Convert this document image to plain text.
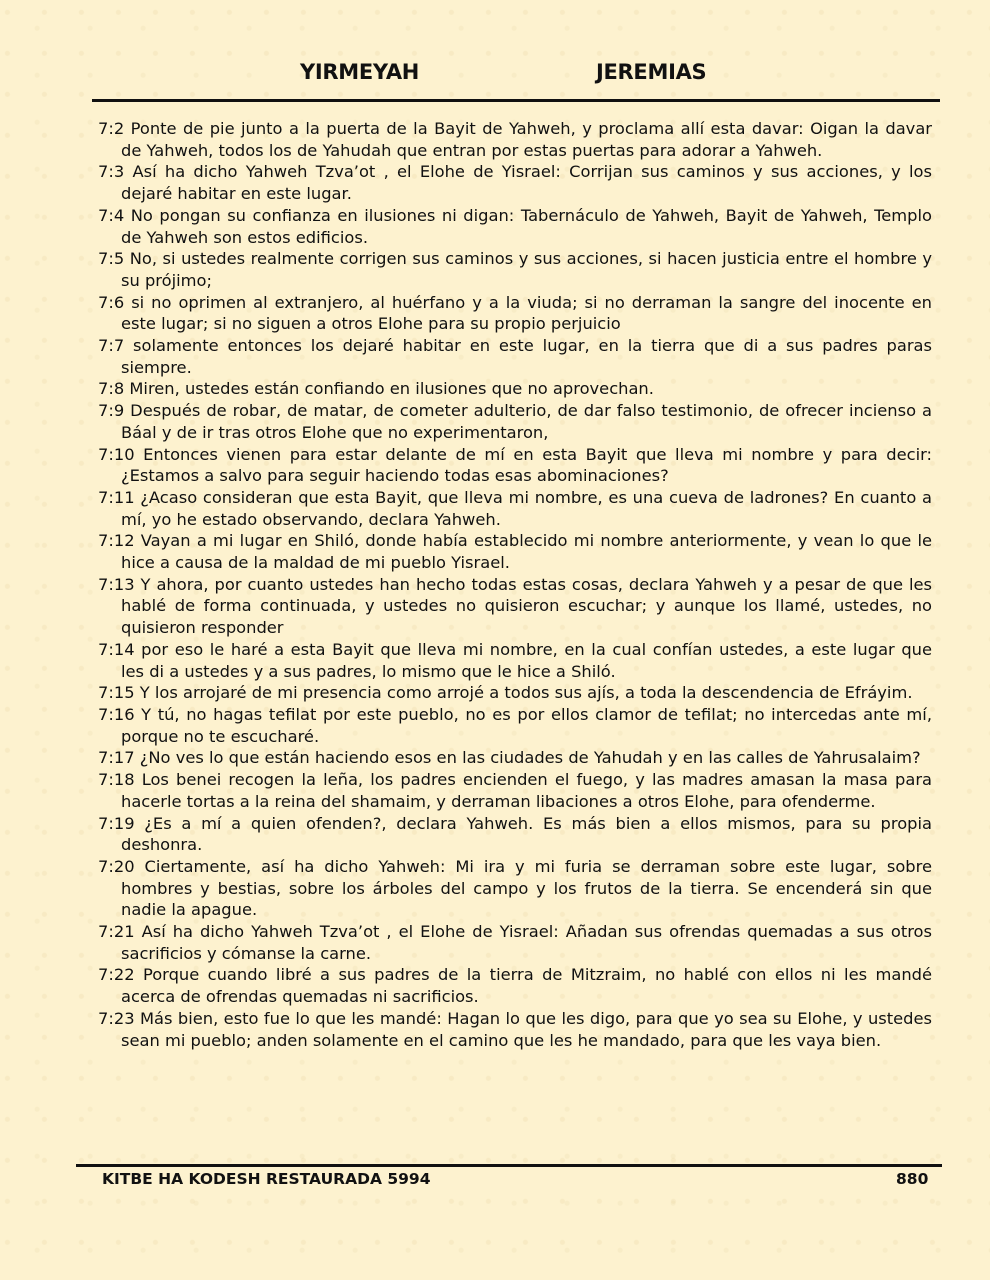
YIRMEYAH	JEREMIAS
7:2 Ponte de pie junto a la puerta de la Bayit de Yahweh, y proclama allí esta davar: Oigan la davar de Yahweh, todos los de Yahudah que entran por estas puertas para adorar a Yahweh.
7:3 Así ha dicho Yahweh Tzva’ot , el Elohe de Yisrael: Corrijan sus caminos y sus acciones, y los dejaré habitar en este lugar.
7:4 No pongan su confianza en ilusiones ni digan: Tabernáculo de Yahweh, Bayit de Yahweh, Templo de Yahweh son estos edificios.
7:5 No, si ustedes realmente corrigen sus caminos y sus acciones, si hacen justicia entre el hombre y su prójimo;
7:6 si no oprimen al extranjero, al huérfano y a la viuda; si no derraman la sangre del inocente en este lugar; si no siguen a otros Elohe para su propio perjuicio
7:7 solamente entonces los dejaré habitar en este lugar, en la tierra que di a sus padres paras siempre.
7:8 Miren, ustedes están confiando en ilusiones que no aprovechan.
7:9 Después de robar, de matar, de cometer adulterio, de dar falso testimonio, de ofrecer incienso a Báal y de ir tras otros Elohe que no experimentaron,
7:10 Entonces vienen para estar delante de mí en esta Bayit que lleva mi nombre y para decir: ¿Estamos a salvo para seguir haciendo todas esas abominaciones?
7:11 ¿Acaso consideran que esta Bayit, que lleva mi nombre, es una cueva de ladrones? En cuanto a mí, yo he estado observando, declara Yahweh.
7:12 Vayan a mi lugar en Shiló, donde había establecido mi nombre anteriormente, y vean lo que le hice a causa de la maldad de mi pueblo Yisrael.
7:13 Y ahora, por cuanto ustedes han hecho todas estas cosas, declara Yahweh y a pesar de que les hablé de forma continuada, y ustedes no quisieron escuchar; y aunque los llamé, ustedes, no quisieron responder
7:14 por eso le haré a esta Bayit que lleva mi nombre, en la cual confían ustedes, a este lugar que les di a ustedes y a sus padres, lo mismo que le hice a Shiló.
7:15 Y los arrojaré de mi presencia como arrojé a todos sus ajís, a toda la descendencia de Efráyim.
7:16 Y tú, no hagas tefilat por este pueblo, no es por ellos clamor de tefilat; no intercedas ante mí, porque no te escucharé.
7:17 ¿No ves lo que están haciendo esos en las ciudades de Yahudah y en las calles de Yahrusalaim?
7:18 Los benei recogen la leña, los padres encienden el fuego, y las madres amasan la masa para hacerle tortas a la reina del shamaim, y derraman libaciones a otros Elohe, para ofenderme.
7:19 ¿Es a mí a quien ofenden?, declara Yahweh. Es más bien a ellos mismos, para su propia deshonra.
7:20 Ciertamente, así ha dicho Yahweh: Mi ira y mi furia se derraman sobre este lugar, sobre hombres y bestias, sobre los árboles del campo y los frutos de la tierra. Se encenderá sin que nadie la apague.
7:21 Así ha dicho Yahweh Tzva’ot , el Elohe de Yisrael: Añadan sus ofrendas quemadas a sus otros sacrificios y cómanse la carne.
7:22 Porque cuando libré a sus padres de la tierra de Mitzraim, no hablé con ellos ni les mandé acerca de ofrendas quemadas ni sacrificios.
7:23 Más bien, esto fue lo que les mandé: Hagan lo que les digo, para que yo sea su Elohe, y ustedes sean mi pueblo; anden solamente en el camino que les he mandado, para que les vaya bien.
KITBE HA KODESH RESTAURADA 5994	880
